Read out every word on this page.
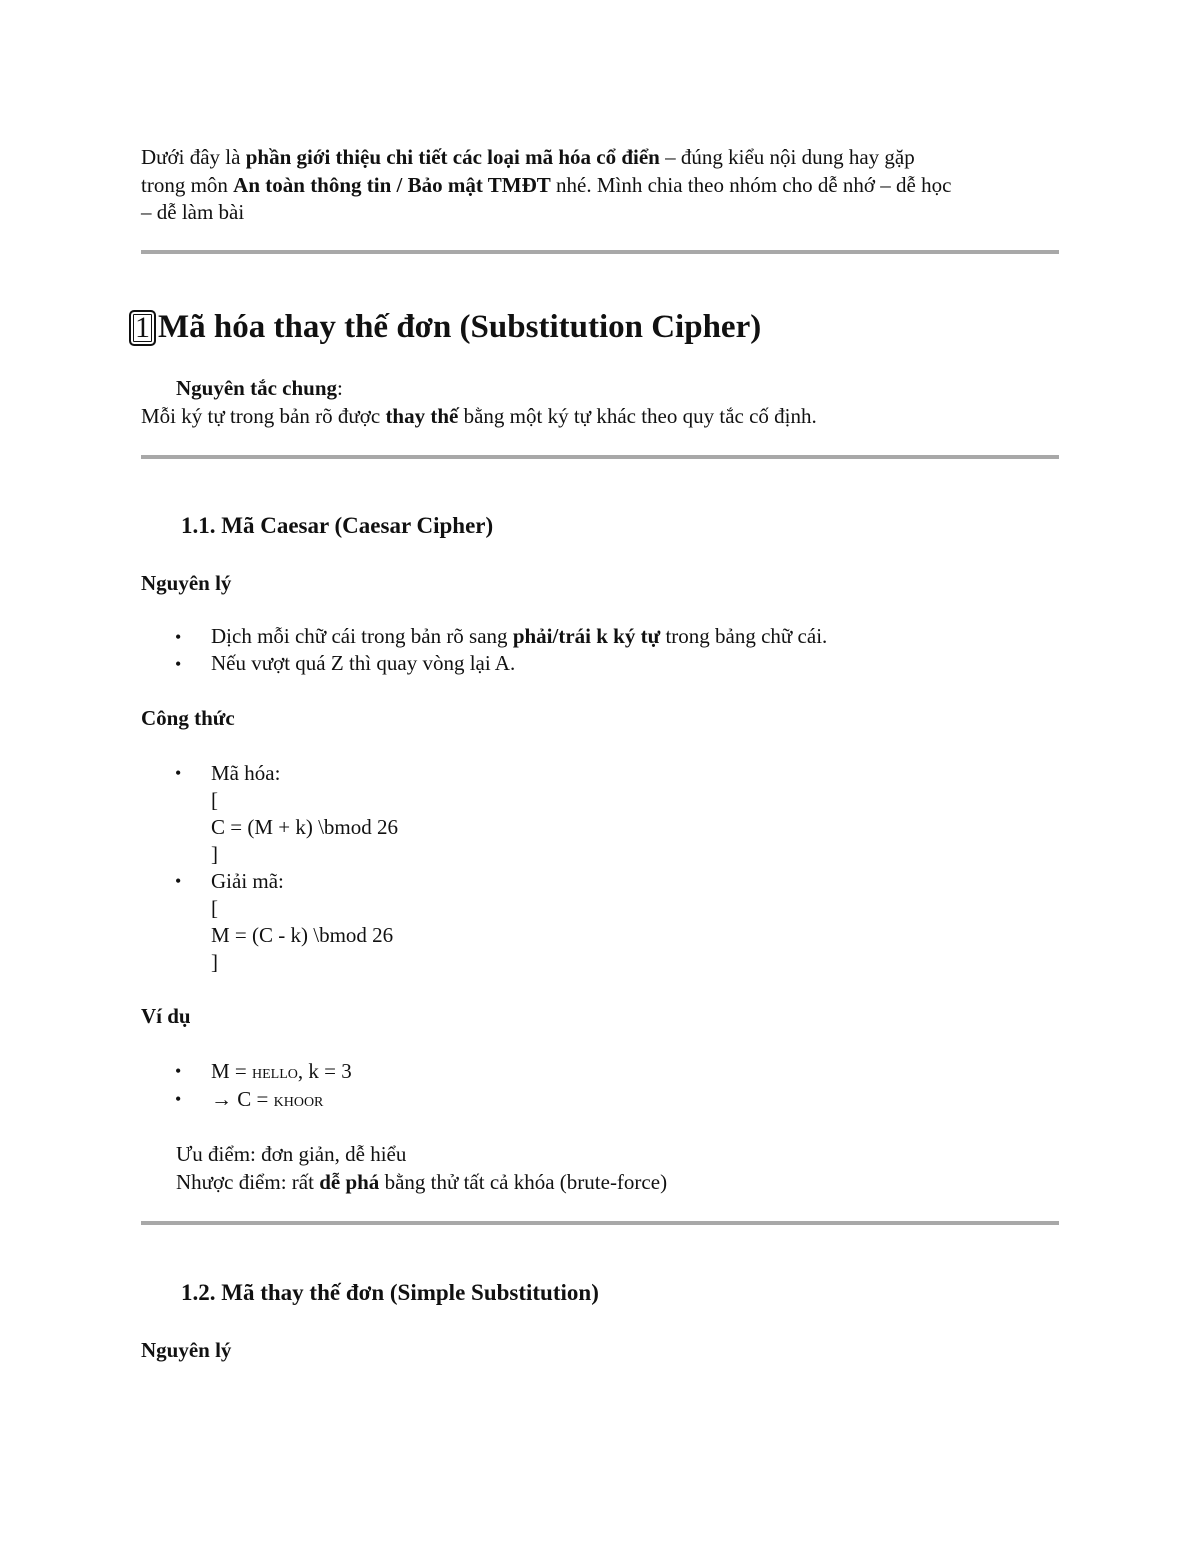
Dưới đây là phần giới thiệu chi tiết các loại mã hóa cổ điển – đúng kiểu nội dung hay gặp
trong môn An toàn thông tin / Bảo mật TMĐT nhé. Mình chia theo nhóm cho dễ nhớ – dễ học
– dễ làm bài
1 Mã hóa thay thế đơn (Substitution Cipher)
Nguyên tắc chung:
Mỗi ký tự trong bản rõ được thay thế bằng một ký tự khác theo quy tắc cố định.
1.1. Mã Caesar (Caesar Cipher)
Nguyên lý
• Dịch mỗi chữ cái trong bản rõ sang phải/trái k ký tự trong bảng chữ cái.
• Nếu vượt quá Z thì quay vòng lại A.
Công thức
• Mã hóa:
[
C = (M + k) \bmod 26
]
• Giải mã:
[
M = (C - k) \bmod 26
]
Ví dụ
• M = hello, k = 3
• → C = khoor
Ưu điểm: đơn giản, dễ hiểu
Nhược điểm: rất dễ phá bằng thử tất cả khóa (brute-force)
1.2. Mã thay thế đơn (Simple Substitution)
Nguyên lý
